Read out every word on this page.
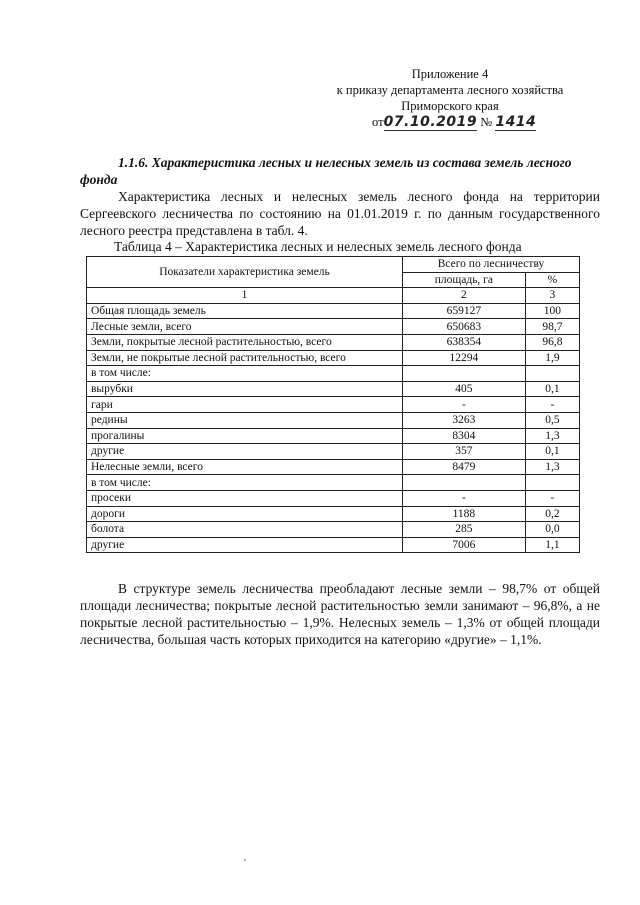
Приложение 4
к приказу департамента лесного хозяйства
Приморского края
от07.10.2019 № 1414
1.1.6. Характеристика лесных и нелесных земель из состава земель лесного фонда
Характеристика лесных и нелесных земель лесного фонда на территории Сергеевского лесничества по состоянию на 01.01.2019 г. по данным государственного лесного реестра представлена в табл. 4.
Таблица 4 – Характеристика лесных и нелесных земель лесного фонда
Показатели характеристика земель	Всего по лесничеству	
	площадь, га	%
1	2	3
Общая площадь земель	659127	100
Лесные земли, всего	650683	98,7
Земли, покрытые лесной растительностью, всего	638354	96,8
Земли, не покрытые лесной растительностью, всего	12294	1,9
в том числе:		
вырубки	405	0,1
гари	-	-
редины	3263	0,5
прогалины	8304	1,3
другие	357	0,1
Нелесные земли, всего	8479	1,3
в том числе:		
просеки	-	-
дороги	1188	0,2
болота	285	0,0
другие	7006	1,1
В структуре земель лесничества преобладают лесные земли – 98,7% от общей площади лесничества; покрытые лесной растительностью земли занимают – 96,8%, а не покрытые лесной растительностью – 1,9%. Нелесных земель – 1,3% от общей площади лесничества, большая часть которых приходится на категорию «другие» – 1,1%.
